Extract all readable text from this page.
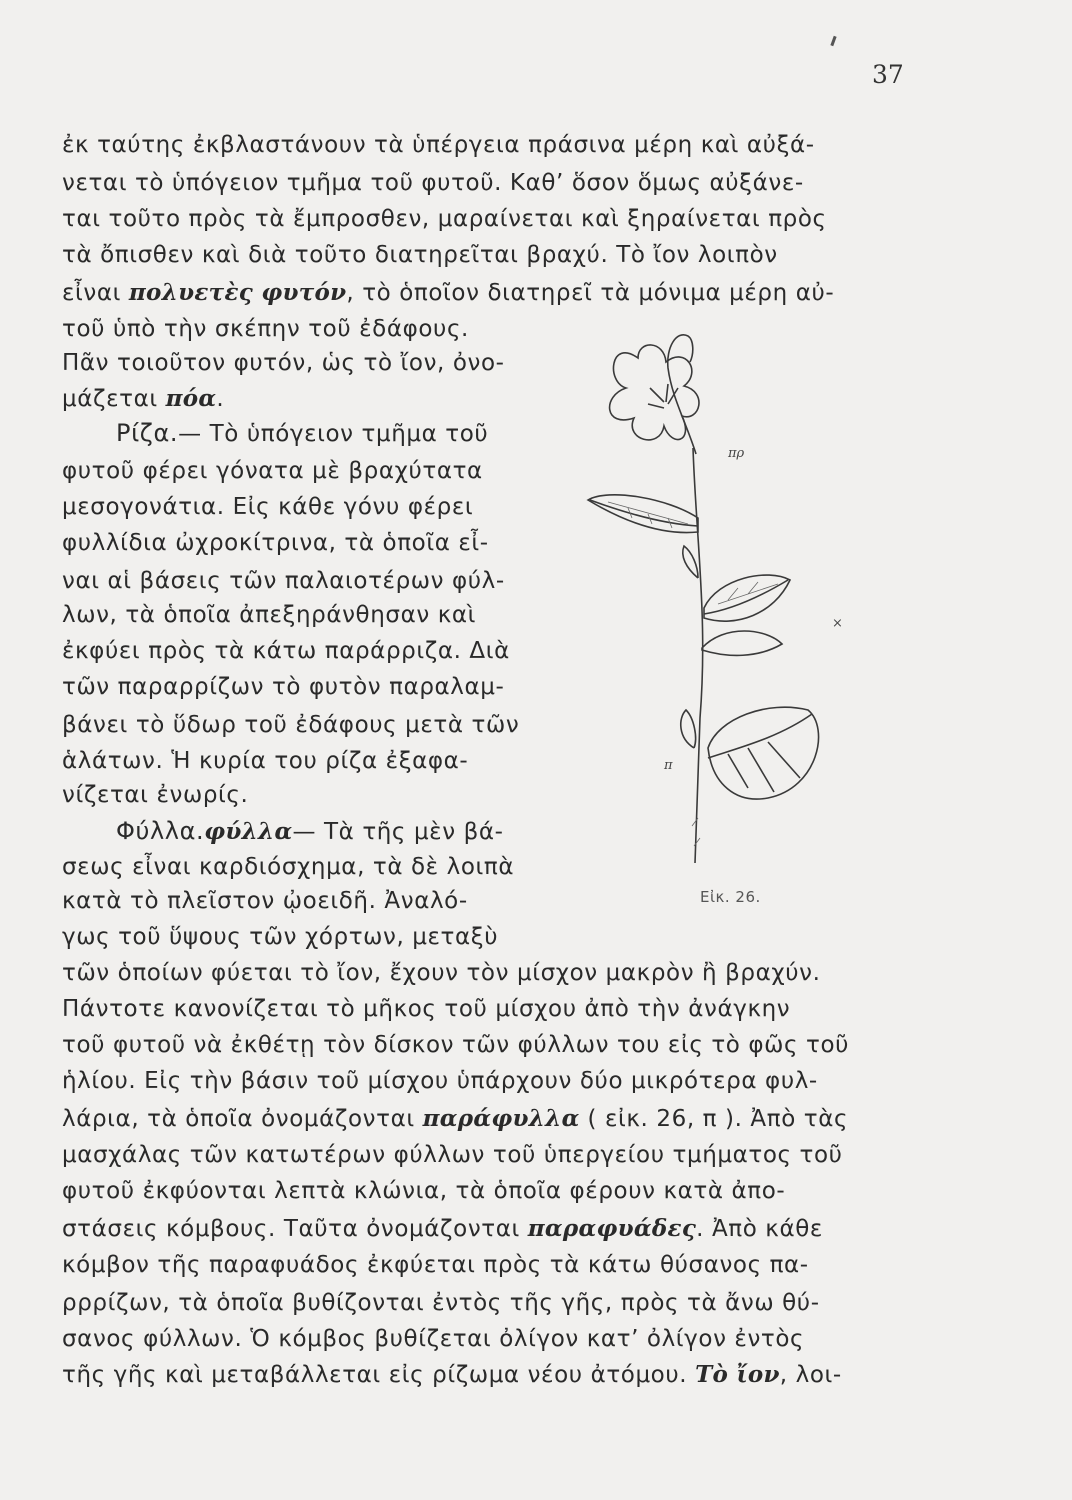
37
ἐκ ταύτης ἐκβλαστάνουν τὰ ὑπέργεια πράσινα μέρη καὶ αὐξά-
νεται τὸ ὑπόγειον τμῆμα τοῦ φυτοῦ. Καθ’ ὅσον ὅμως αὐξάνε-
ται τοῦτο πρὸς τὰ ἔμπροσθεν, μαραίνεται καὶ ξηραίνεται πρὸς
τὰ ὄπισθεν καὶ διὰ τοῦτο διατηρεῖται βραχύ. Τὸ ἴον λοιπὸν
εἶναι πολυετὲς φυτόν, τὸ ὁποῖον διατηρεῖ τὰ μόνιμα μέρη αὐ-
τοῦ ὑπὸ τὴν σκέπην τοῦ ἐδάφους.
Πᾶν τοιοῦτον φυτόν, ὡς τὸ ἴον, ὀνο-
μάζεται πόα.
Ρίζα.— Τὸ ὑπόγειον τμῆμα τοῦ
φυτοῦ φέρει γόνατα μὲ βραχύτατα
μεσογονάτια. Εἰς κάθε γόνυ φέρει
φυλλίδια ὠχροκίτρινα, τὰ ὁποῖα εἶ-
ναι αἱ βάσεις τῶν παλαιοτέρων φύλ-
λων, τὰ ὁποῖα ἀπεξηράνθησαν καὶ
ἐκφύει πρὸς τὰ κάτω παράρριζα. Διὰ
τῶν παραρρίζων τὸ φυτὸν παραλαμ-
βάνει τὸ ὕδωρ τοῦ ἐδάφους μετὰ τῶν
ἁλάτων. Ἡ κυρία του ρίζα ἐξαφα-
νίζεται ἐνωρίς.
Φύλλα.φύλλα— Τὰ τῆς μὲν βά-
σεως εἶναι καρδιόσχημα, τὰ δὲ λοιπὰ
κατὰ τὸ πλεῖστον ᾠοειδῆ. Ἀναλό-
γως τοῦ ὕψους τῶν χόρτων, μεταξὺ
τῶν ὁποίων φύεται τὸ ἴον, ἔχουν τὸν μίσχον μακρὸν ἢ βραχύν.
Πάντοτε κανονίζεται τὸ μῆκος τοῦ μίσχου ἀπὸ τὴν ἀνάγκην
τοῦ φυτοῦ νὰ ἐκθέτῃ τὸν δίσκον τῶν φύλλων του εἰς τὸ φῶς τοῦ
ἡλίου. Εἰς τὴν βάσιν τοῦ μίσχου ὑπάρχουν δύο μικρότερα φυλ-
λάρια, τὰ ὁποῖα ὀνομάζονται παράφυλλα ( εἰκ. 26, π ). Ἀπὸ τὰς
μασχάλας τῶν κατωτέρων φύλλων τοῦ ὑπεργείου τμήματος τοῦ
φυτοῦ ἐκφύονται λεπτὰ κλώνια, τὰ ὁποῖα φέρουν κατὰ ἀπο-
στάσεις κόμβους. Ταῦτα ὀνομάζονται παραφυάδες. Ἀπὸ κάθε
κόμβον τῆς παραφυάδος ἐκφύεται πρὸς τὰ κάτω θύσανος πα-
ρρρίζων, τὰ ὁποῖα βυθίζονται ἐντὸς τῆς γῆς, πρὸς τὰ ἄνω θύ-
σανος φύλλων. Ὁ κόμβος βυθίζεται ὀλίγον κατ’ ὀλίγον ἐντὸς
τῆς γῆς καὶ μεταβάλλεται εἰς ρίζωμα νέου ἀτόμου. Τὸ ἴον, λοι-
πρ
×
π
Εἰκ. 26.
